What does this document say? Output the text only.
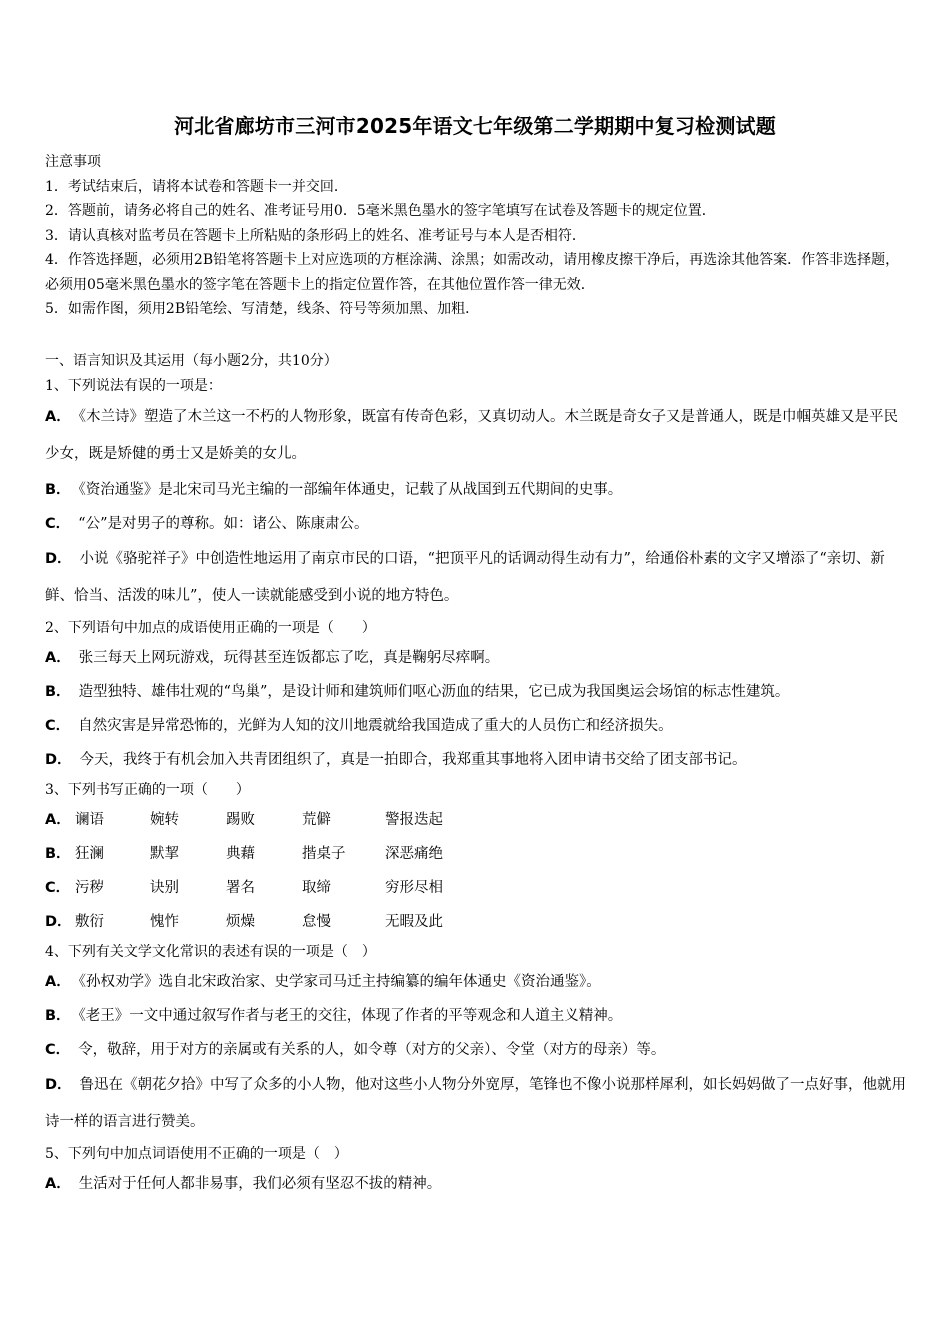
河北省廊坊市三河市2025年语文七年级第二学期期中复习检测试题
注意事项
1．考试结束后，请将本试卷和答题卡一并交回．
2．答题前，请务必将自己的姓名、准考证号用0．5毫米黑色墨水的签字笔填写在试卷及答题卡的规定位置．
3．请认真核对监考员在答题卡上所粘贴的条形码上的姓名、准考证号与本人是否相符．
4．作答选择题，必须用2B铅笔将答题卡上对应选项的方框涂满、涂黑；如需改动，请用橡皮擦干净后，再选涂其他答案．作答非选择题，必须用05毫米黑色墨水的签字笔在答题卡上的指定位置作答，在其他位置作答一律无效．
5．如需作图，须用2B铅笔绘、写清楚，线条、符号等须加黑、加粗．
一、语言知识及其运用（每小题2分，共10分）
1、下列说法有误的一项是：
A． 《木兰诗》塑造了木兰这一不朽的人物形象，既富有传奇色彩，又真切动人。木兰既是奇女子又是普通人，既是巾帼英雄又是平民少女，既是矫健的勇士又是娇美的女儿。
B． 《资治通鉴》是北宋司马光主编的一部编年体通史，记载了从战国到五代期间的史事。
C． “公”是对男子的尊称。如：诸公、陈康肃公。
D． 小说《骆驼祥子》中创造性地运用了南京市民的口语，“把顶平凡的话调动得生动有力”，给通俗朴素的文字又增添了“亲切、新鲜、恰当、活泼的味儿”，使人一读就能感受到小说的地方特色。
2、下列语句中加点的成语使用正确的一项是（　　）
A． 张三每天上网玩游戏，玩得甚至连饭都忘了吃，真是鞠躬尽瘁啊。
B． 造型独特、雄伟壮观的“鸟巢”，是设计师和建筑师们呕心沥血的结果，它已成为我国奥运会场馆的标志性建筑。
C． 自然灾害是异常恐怖的，光鲜为人知的汶川地震就给我国造成了重大的人员伤亡和经济损失。
D． 今天，我终于有机会加入共青团组织了，真是一拍即合，我郑重其事地将入团申请书交给了团支部书记。
3、下列书写正确的一项（　　）
A． 谰语	婉转	踢败	荒僻	警报迭起
B． 狂澜	默挈	典藉	揩桌子	深恶痛绝
C． 污秽	诀别	署名	取缔	穷形尽相
D． 敷衍	愧怍	烦燥	怠慢	无暇及此
4、下列有关文学文化常识的表述有误的一项是（　）
A． 《孙权劝学》选自北宋政治家、史学家司马迁主持编纂的编年体通史《资治通鉴》。
B． 《老王》一文中通过叙写作者与老王的交往，体现了作者的平等观念和人道主义精神。
C． 令，敬辞，用于对方的亲属或有关系的人，如令尊（对方的父亲）、令堂（对方的母亲）等。
D． 鲁迅在《朝花夕拾》中写了众多的小人物，他对这些小人物分外宽厚，笔锋也不像小说那样犀利，如长妈妈做了一点好事，他就用诗一样的语言进行赞美。
5、下列句中加点词语使用不正确的一项是（　）
A． 生活对于任何人都非易事，我们必须有坚忍不拔的精神。
